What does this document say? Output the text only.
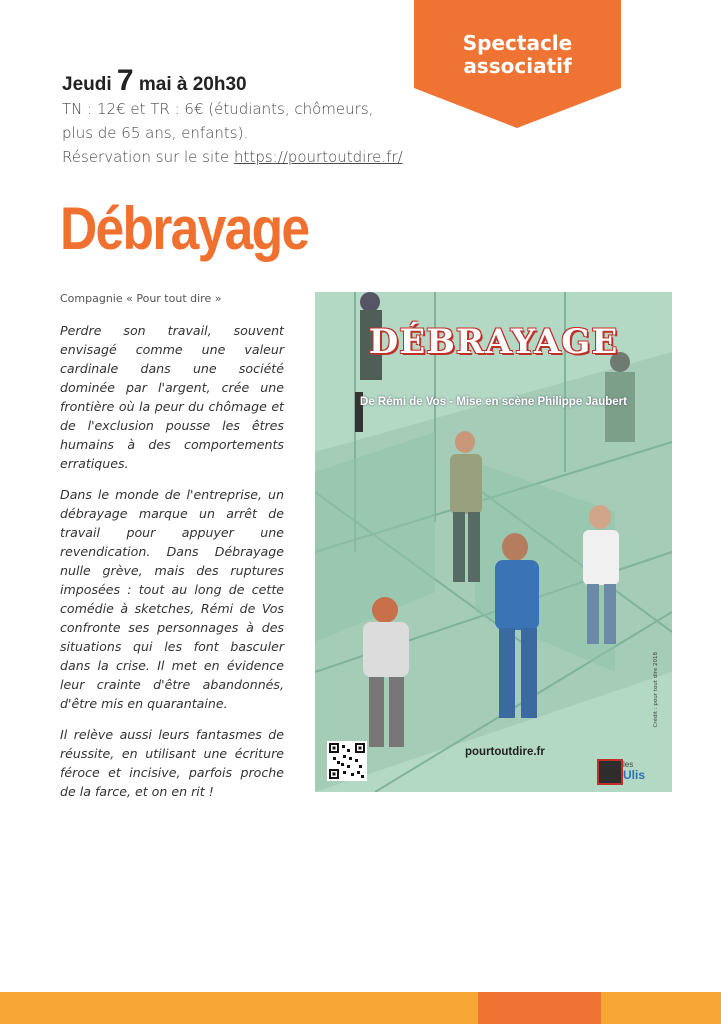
Spectacle
associatif
Jeudi 7 mai à 20h30
TN : 12€ et TR : 6€ (étudiants, chômeurs,
plus de 65 ans, enfants).
Réservation sur le site https://pourtoutdire.fr/
Débrayage
Compagnie « Pour tout dire »

Perdre son travail, souvent envisagé comme une valeur cardinale dans une société dominée par l'argent, crée une frontière où la peur du chômage et de l'exclusion pousse les êtres humains à des comportements erratiques.

Dans le monde de l'entreprise, un débrayage marque un arrêt de travail pour appuyer une revendication. Dans Débrayage nulle grève, mais des ruptures imposées : tout au long de cette comédie à sketches, Rémi de Vos confronte ses personnages à des situations qui les font basculer dans la crise. Il met en évidence leur crainte d'être abandonnés, d'être mis en quarantaine.

Il relève aussi leurs fantasmes de réussite, en utilisant une écriture féroce et incisive, parfois proche de la farce, et on en rit !

DÉBRAYAGE
De Rémi de Vos - Mise en scène Philippe Jaubert
Crédit : pour tout dire 2018
pourtoutdire.fr
les
Ulis
